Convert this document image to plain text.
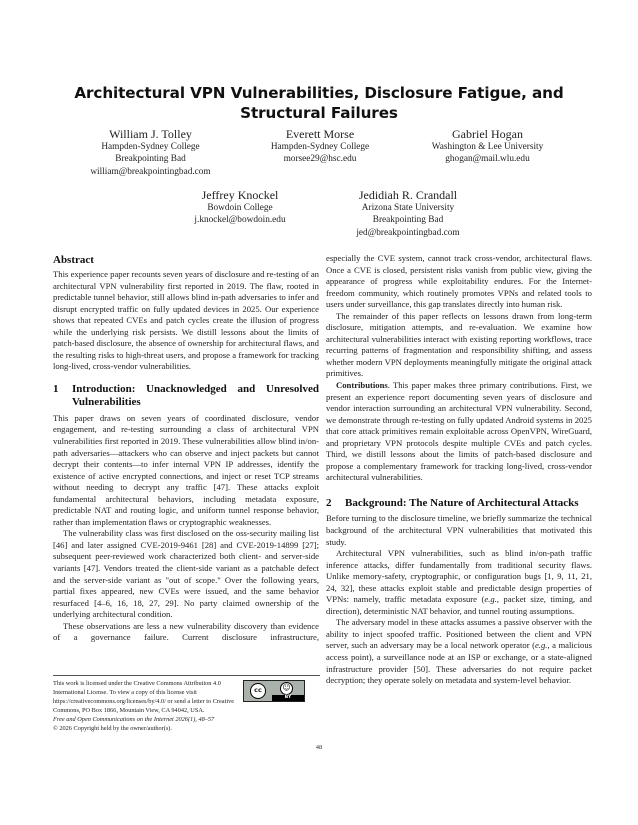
Architectural VPN Vulnerabilities, Disclosure Fatigue, and Structural Failures
William J. Tolley
Hampden-Sydney College
Breakpointing Bad
william@breakpointingbad.com
Everett Morse
Hampden-Sydney College
morsee29@hsc.edu
Gabriel Hogan
Washington & Lee University
ghogan@mail.wlu.edu
Jeffrey Knockel
Bowdoin College
j.knockel@bowdoin.edu
Jedidiah R. Crandall
Arizona State University
Breakpointing Bad
jed@breakpointingbad.com
Abstract

This experience paper recounts seven years of disclosure and re-testing of an architectural VPN vulnerability first reported in 2019. The flaw, rooted in predictable tunnel behavior, still allows blind in-path adversaries to infer and disrupt encrypted traffic on fully updated devices in 2025. Our experience shows that repeated CVEs and patch cycles create the illusion of progress while the underlying risk persists. We distill lessons about the limits of patch-based disclosure, the absence of ownership for architectural flaws, and the resulting risks to high-threat users, and propose a framework for tracking long-lived, cross-vendor vulnerabilities.

1	Introduction: Unacknowledged and Unresolved Vulnerabilities

This paper draws on seven years of coordinated disclosure, vendor engagement, and re-testing surrounding a class of architectural VPN vulnerabilities first reported in 2019. These vulnerabilities allow blind in/on-path adversaries—attackers who can observe and inject packets but cannot decrypt their contents—to infer internal VPN IP addresses, identify the existence of active encrypted connections, and inject or reset TCP streams without needing to decrypt any traffic [47]. These attacks exploit fundamental architectural behaviors, including metadata exposure, predictable NAT and routing logic, and uniform tunnel response behavior, rather than implementation flaws or cryptographic weaknesses.

The vulnerability class was first disclosed on the oss-security mailing list [46] and later assigned CVE-2019-9461 [28] and CVE-2019-14899 [27]; subsequent peer-reviewed work characterized both client- and server-side variants [47]. Vendors treated the client-side variant as a patchable defect and the server-side variant as "out of scope." Over the following years, partial fixes appeared, new CVEs were issued, and the same behavior resurfaced [4–6, 16, 18, 27, 29]. No party claimed ownership of the underlying architectural condition.

These observations are less a new vulnerability discovery than evidence of a governance failure. Current disclosure infrastructure,

This work is licensed under the Creative Commons Attribution 4.0 International License. To view a copy of this license visit https://creativecommons.org/licenses/by/4.0/ or send a letter to Creative Commons, PO Box 1866, Mountain View, CA 94042, USA.
Free and Open Communications on the Internet 2026(1), 48–57
© 2026 Copyright held by the owner/author(s).
cc	☺
BY

especially the CVE system, cannot track cross-vendor, architectural flaws. Once a CVE is closed, persistent risks vanish from public view, giving the appearance of progress while exploitability endures. For the Internet-freedom community, which routinely promotes VPNs and related tools to users under surveillance, this gap translates directly into human risk.

The remainder of this paper reflects on lessons drawn from long-term disclosure, mitigation attempts, and re-evaluation. We examine how architectural vulnerabilities interact with existing reporting workflows, trace recurring patterns of fragmentation and responsibility shifting, and assess whether modern VPN deployments meaningfully mitigate the original attack primitives.

Contributions. This paper makes three primary contributions. First, we present an experience report documenting seven years of disclosure and vendor interaction surrounding an architectural VPN vulnerability. Second, we demonstrate through re-testing on fully updated Android systems in 2025 that core attack primitives remain exploitable across OpenVPN, WireGuard, and proprietary VPN protocols despite multiple CVEs and patch cycles. Third, we distill lessons about the limits of patch-based disclosure and propose a complementary framework for tracking long-lived, cross-vendor architectural vulnerabilities.

2	Background: The Nature of Architectural Attacks

Before turning to the disclosure timeline, we briefly summarize the technical background of the architectural VPN vulnerabilities that motivated this study.

Architectural VPN vulnerabilities, such as blind in/on-path traffic inference attacks, differ fundamentally from traditional security flaws. Unlike memory-safety, cryptographic, or configuration bugs [1, 9, 11, 21, 24, 32], these attacks exploit stable and predictable design properties of VPNs: namely, traffic metadata exposure (e.g., packet size, timing, and direction), deterministic NAT behavior, and tunnel routing assumptions.

The adversary model in these attacks assumes a passive observer with the ability to inject spoofed traffic. Positioned between the client and VPN server, such an adversary may be a local network operator (e.g., a malicious access point), a surveillance node at an ISP or exchange, or a state-aligned infrastructure provider [50]. These adversaries do not require packet decryption; they operate solely on metadata and system-level behavior.

48
